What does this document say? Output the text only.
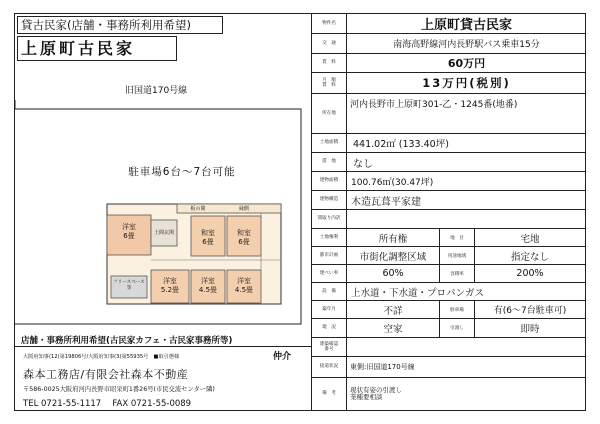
貸古民家(店舗・事務所利用希望)
上原町古民家
旧国道170号線
駐車場6台～7台可能
洋室
6畳	土間玄関
板の間	縁側
和室
6畳
和室
6畳
洋室
5.2畳
洋室
4.5畳
洋室
4.5畳
フリースペース
等
店舗・事務所利用希望(古民家カフェ・古民家事務所等)
大阪府知事(12)第19806号/大阪府知事(3)第55935号　■取引態様	仲介
森本工務店/有限会社森本不動産
〒586-0025大阪府河内長野市昭栄町1番26号(市民交流センター隣)
TEL 0721-55-1117　 FAX 0721-55-0089
物件名	上原町貸古民家
交　通	南海高野線河内長野駅バス乗車15分
賃　料	60万円
月　額
賃　料	13万円(税別)
所在地
河内長野市上原町301-乙・1245番(地番)
土地面積	441.02㎡ (133.40坪)
借　地	なし
建物面積	100.76㎡(30.47坪)
建物構造	木造瓦葺平家建
間取り内訳
土地権利	所有権	地　目	宅地
都市計画	市街化調整区域	用途地域	指定なし
建ぺい率	60%	容積率	200%
設　備	上水道・下水道・プロパンガス
築年月	不詳	駐車場	有(6～7台駐車可)
現　況	空家	引渡し	即時
建築確認
番号
接道状況	東側:旧国道170号線
備　考
現状有姿の引渡し
業種要相談
